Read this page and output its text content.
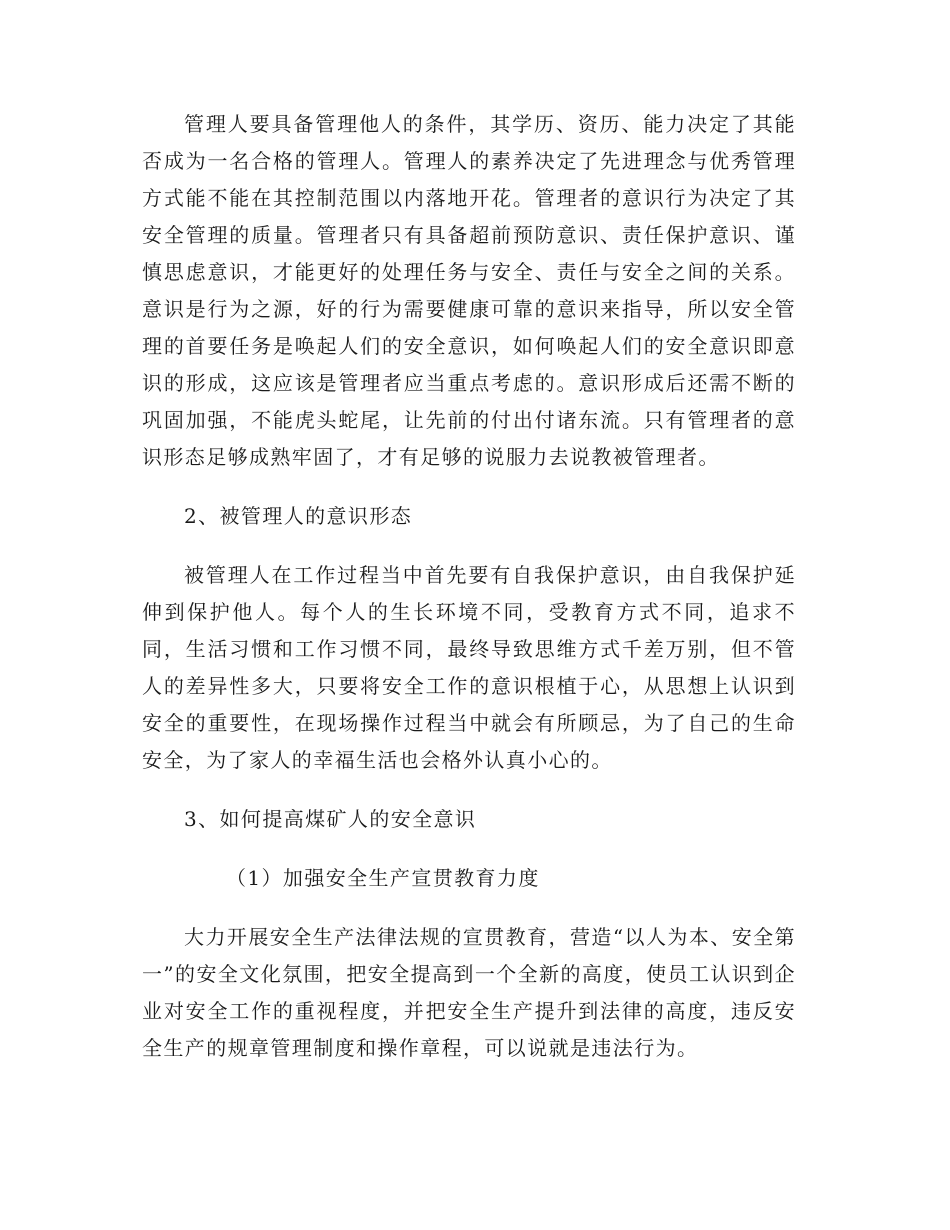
管理人要具备管理他人的条件，其学历、资历、能力决定了其能否成为一名合格的管理人。管理人的素养决定了先进理念与优秀管理方式能不能在其控制范围以内落地开花。管理者的意识行为决定了其安全管理的质量。管理者只有具备超前预防意识、责任保护意识、谨慎思虑意识，才能更好的处理任务与安全、责任与安全之间的关系。意识是行为之源，好的行为需要健康可靠的意识来指导，所以安全管理的首要任务是唤起人们的安全意识，如何唤起人们的安全意识即意识的形成，这应该是管理者应当重点考虑的。意识形成后还需不断的巩固加强，不能虎头蛇尾，让先前的付出付诸东流。只有管理者的意识形态足够成熟牢固了，才有足够的说服力去说教被管理者。

2、被管理人的意识形态

被管理人在工作过程当中首先要有自我保护意识，由自我保护延伸到保护他人。每个人的生长环境不同，受教育方式不同，追求不同，生活习惯和工作习惯不同，最终导致思维方式千差万别，但不管人的差异性多大，只要将安全工作的意识根植于心，从思想上认识到安全的重要性，在现场操作过程当中就会有所顾忌，为了自己的生命安全，为了家人的幸福生活也会格外认真小心的。

3、如何提高煤矿人的安全意识

（1）加强安全生产宣贯教育力度

大力开展安全生产法律法规的宣贯教育，营造“以人为本、安全第一”的安全文化氛围，把安全提高到一个全新的高度，使员工认识到企业对安全工作的重视程度，并把安全生产提升到法律的高度，违反安全生产的规章管理制度和操作章程，可以说就是违法行为。
